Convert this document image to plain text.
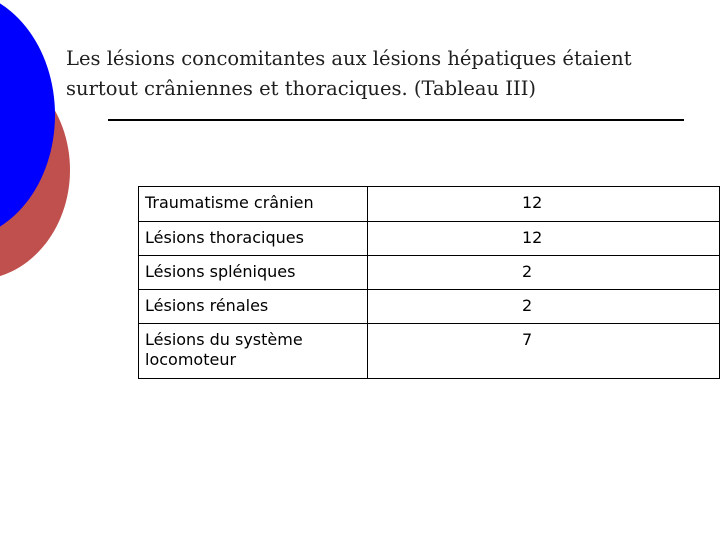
Les lésions concomitantes aux lésions hépatiques étaient
surtout crâniennes et thoraciques. (Tableau III)
Traumatisme crânien	12
Lésions thoraciques	12
Lésions spléniques	2
Lésions rénales	2
Lésions du système locomoteur	7
